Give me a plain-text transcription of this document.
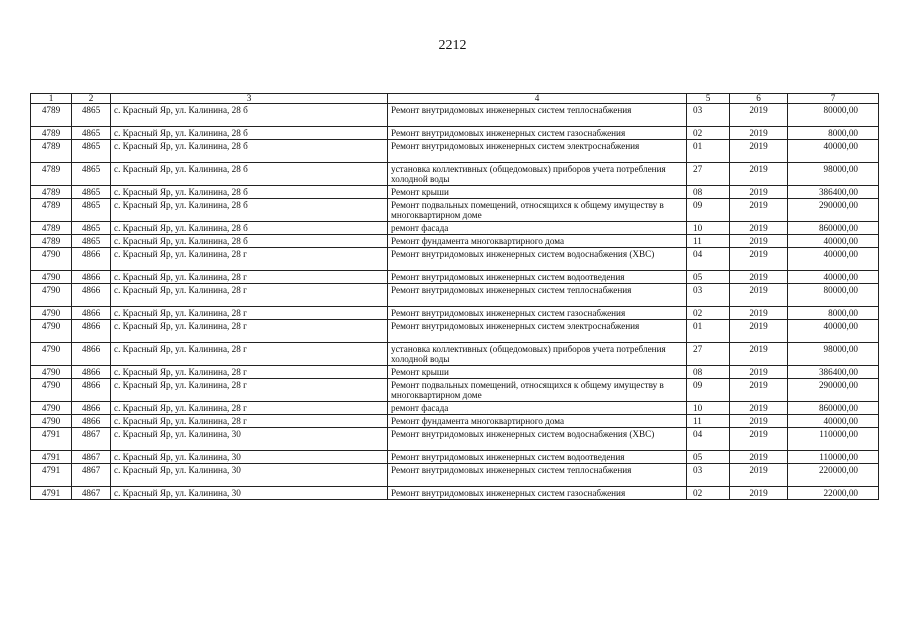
2212
1	2	3	4	5	6	7
4789	4865	с. Красный Яр, ул. Калинина, 28 б	Ремонт внутридомовых инженерных систем теплоснабжения	03	2019	80000,00
4789	4865	с. Красный Яр, ул. Калинина, 28 б	Ремонт внутридомовых инженерных систем газоснабжения	02	2019	8000,00
4789	4865	с. Красный Яр, ул. Калинина, 28 б	Ремонт внутридомовых инженерных систем электроснабжения	01	2019	40000,00
4789	4865	с. Красный Яр, ул. Калинина, 28 б	установка коллективных (общедомовых) приборов учета потребления холодной воды	27	2019	98000,00
4789	4865	с. Красный Яр, ул. Калинина, 28 б	Ремонт крыши	08	2019	386400,00
4789	4865	с. Красный Яр, ул. Калинина, 28 б	Ремонт подвальных помещений, относящихся к общему имуществу в многоквартирном доме	09	2019	290000,00
4789	4865	с. Красный Яр, ул. Калинина, 28 б	ремонт фасада	10	2019	860000,00
4789	4865	с. Красный Яр, ул. Калинина, 28 б	Ремонт фундамента многоквартирного дома	11	2019	40000,00
4790	4866	с. Красный Яр, ул. Калинина, 28 г	Ремонт внутридомовых инженерных систем водоснабжения (ХВС)	04	2019	40000,00
4790	4866	с. Красный Яр, ул. Калинина, 28 г	Ремонт внутридомовых инженерных систем водоотведения	05	2019	40000,00
4790	4866	с. Красный Яр, ул. Калинина, 28 г	Ремонт внутридомовых инженерных систем теплоснабжения	03	2019	80000,00
4790	4866	с. Красный Яр, ул. Калинина, 28 г	Ремонт внутридомовых инженерных систем газоснабжения	02	2019	8000,00
4790	4866	с. Красный Яр, ул. Калинина, 28 г	Ремонт внутридомовых инженерных систем электроснабжения	01	2019	40000,00
4790	4866	с. Красный Яр, ул. Калинина, 28 г	установка коллективных (общедомовых) приборов учета потребления холодной воды	27	2019	98000,00
4790	4866	с. Красный Яр, ул. Калинина, 28 г	Ремонт крыши	08	2019	386400,00
4790	4866	с. Красный Яр, ул. Калинина, 28 г	Ремонт подвальных помещений, относящихся к общему имуществу в многоквартирном доме	09	2019	290000,00
4790	4866	с. Красный Яр, ул. Калинина, 28 г	ремонт фасада	10	2019	860000,00
4790	4866	с. Красный Яр, ул. Калинина, 28 г	Ремонт фундамента многоквартирного дома	11	2019	40000,00
4791	4867	с. Красный Яр, ул. Калинина, 30	Ремонт внутридомовых инженерных систем водоснабжения (ХВС)	04	2019	110000,00
4791	4867	с. Красный Яр, ул. Калинина, 30	Ремонт внутридомовых инженерных систем водоотведения	05	2019	110000,00
4791	4867	с. Красный Яр, ул. Калинина, 30	Ремонт внутридомовых инженерных систем теплоснабжения	03	2019	220000,00
4791	4867	с. Красный Яр, ул. Калинина, 30	Ремонт внутридомовых инженерных систем газоснабжения	02	2019	22000,00
